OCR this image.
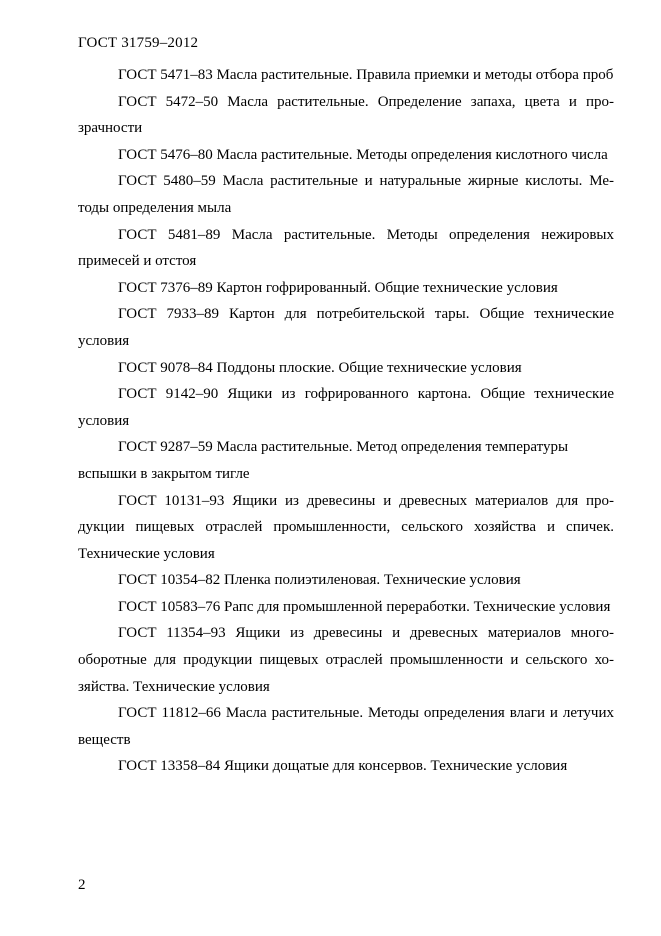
ГОСТ 31759–2012

ГОСТ 5471–83 Масла растительные. Правила приемки и методы отбора проб

ГОСТ 5472–50 Масла растительные. Определение запаха, цвета и прозрачности

ГОСТ 5476–80 Масла растительные. Методы определения кислотного числа

ГОСТ 5480–59 Масла растительные и натуральные жирные кислоты. Методы определения мыла

ГОСТ 5481–89 Масла растительные. Методы определения нежировых примесей и отстоя

ГОСТ 7376–89 Картон гофрированный. Общие технические условия

ГОСТ 7933–89 Картон для потребительской тары. Общие технические условия

ГОСТ 9078–84 Поддоны плоские. Общие технические условия

ГОСТ 9142–90 Ящики из гофрированного картона. Общие технические условия

ГОСТ 9287–59 Масла растительные. Метод определения температуры вспышки в закрытом тигле

ГОСТ 10131–93 Ящики из древесины и древесных материалов для продукции пищевых отраслей промышленности, сельского хозяйства и спичек. Технические условия

ГОСТ 10354–82 Пленка полиэтиленовая. Технические условия

ГОСТ 10583–76 Рапс для промышленной переработки. Технические условия

ГОСТ 11354–93 Ящики из древесины и древесных материалов многооборотные для продукции пищевых отраслей промышленности и сельского хозяйства. Технические условия

ГОСТ 11812–66 Масла растительные. Методы определения влаги и летучих веществ

ГОСТ 13358–84 Ящики дощатые для консервов. Технические условия

2
